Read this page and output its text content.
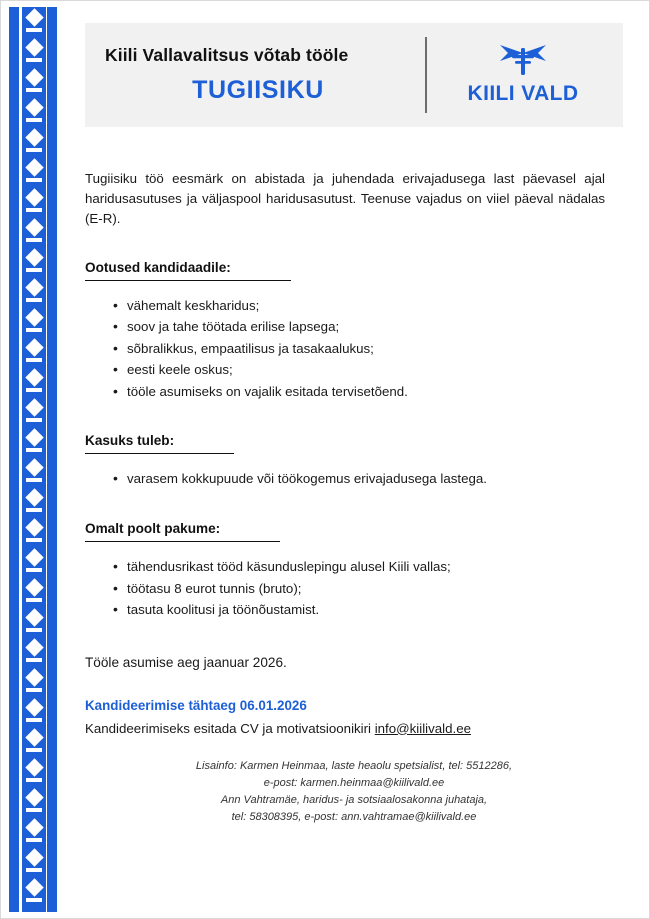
Kiili Vallavalitsus võtab tööle
TUGIISIKU	KIILI VALD
Tugiisiku töö eesmärk on abistada ja juhendada erivajadusega last päevasel ajal haridusasutuses ja väljaspool haridusasutust. Teenuse vajadus on viiel päeval nädalas (E-R).
Ootused kandidaadile:
• vähemalt keskharidus;
• soov ja tahe töötada erilise lapsega;
• sõbralikkus, empaatilisus ja tasakaalukus;
• eesti keele oskus;
• tööle asumiseks on vajalik esitada tervisetõend.
Kasuks tuleb:
• varasem kokkupuude või töökogemus erivajadusega lastega.
Omalt poolt pakume:
• tähendusrikast tööd käsunduslepingu alusel Kiili vallas;
• töötasu 8 eurot tunnis (bruto);
• tasuta koolitusi ja töönõustamist.
Tööle asumise aeg jaanuar 2026.
Kandideerimise tähtaeg 06.01.2026
Kandideerimiseks esitada CV ja motivatsioonikiri info@kiilivald.ee
Lisainfo: Karmen Heinmaa, laste heaolu spetsialist, tel: 5512286,
e-post: karmen.heinmaa@kiilivald.ee
Ann Vahtramäe, haridus- ja sotsiaalosakonna juhataja,
tel: 58308395, e-post: ann.vahtramae@kiilivald.ee
